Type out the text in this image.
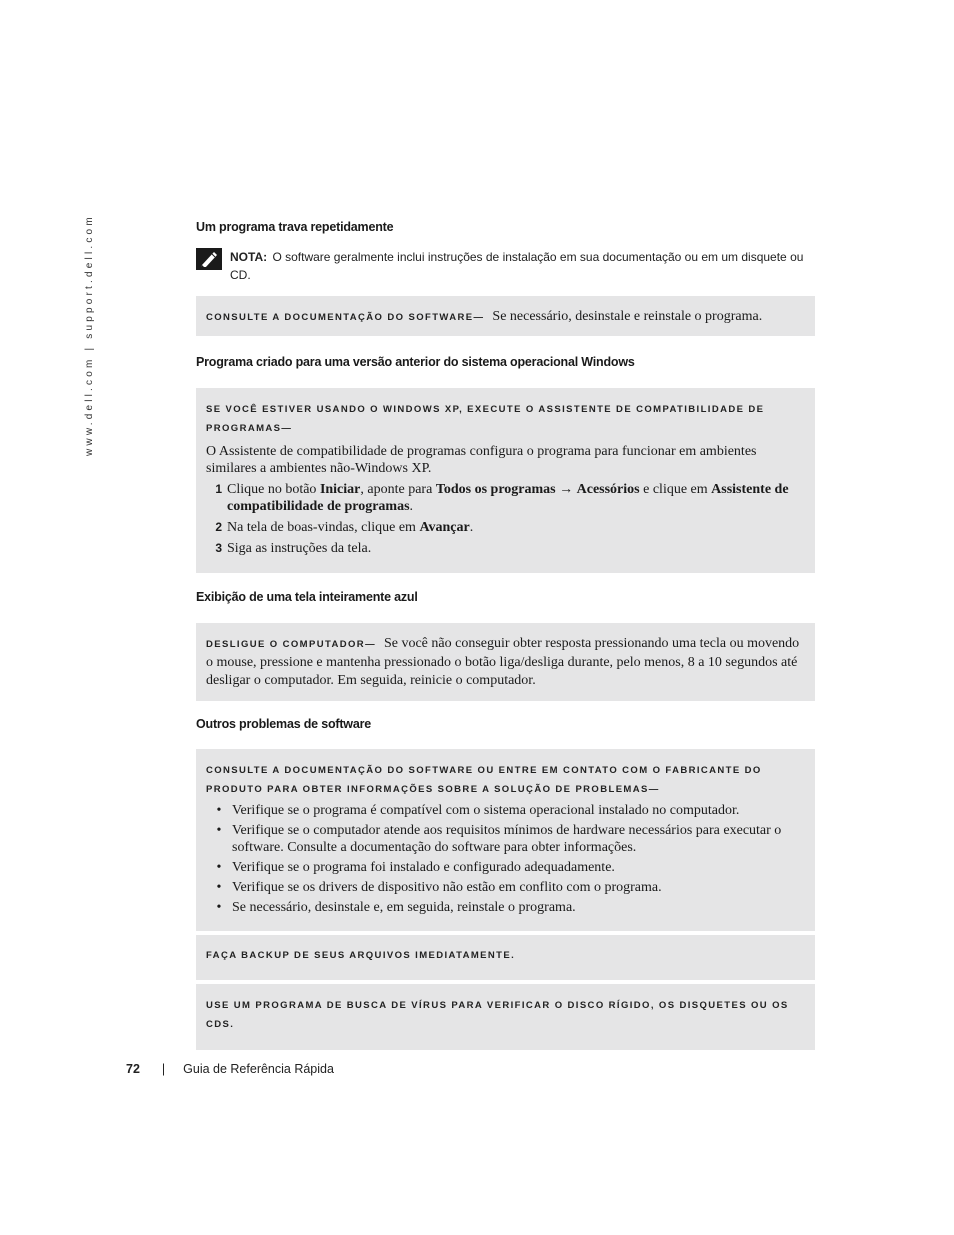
www.dell.com | support.dell.com	Um programa trava repetidamente
NOTA: O software geralmente inclui instruções de instalação em sua documentação ou em um disquete ou CD.
CONSULTE A DOCUMENTAÇÃO DO SOFTWARE— Se necessário, desinstale e reinstale o programa.
Programa criado para uma versão anterior do sistema operacional Windows
SE VOCÊ ESTIVER USANDO O WINDOWS XP, EXECUTE O ASSISTENTE DE COMPATIBILIDADE DE PROGRAMAS—

O Assistente de compatibilidade de programas configura o programa para funcionar em ambientes similares a ambientes não-Windows XP.

1 Clique no botão Iniciar, aponte para Todos os programas → Acessórios e clique em Assistente de compatibilidade de programas.
2 Na tela de boas-vindas, clique em Avançar.
3 Siga as instruções da tela.
Exibição de uma tela inteiramente azul
DESLIGUE O COMPUTADOR— Se você não conseguir obter resposta pressionando uma tecla ou movendo o mouse, pressione e mantenha pressionado o botão liga/desliga durante, pelo menos, 8 a 10 segundos até desligar o computador. Em seguida, reinicie o computador.
Outros problemas de software
CONSULTE A DOCUMENTAÇÃO DO SOFTWARE OU ENTRE EM CONTATO COM O FABRICANTE DO PRODUTO PARA OBTER INFORMAÇÕES SOBRE A SOLUÇÃO DE PROBLEMAS—
• Verifique se o programa é compatível com o sistema operacional instalado no computador.
• Verifique se o computador atende aos requisitos mínimos de hardware necessários para executar o software. Consulte a documentação do software para obter informações.
• Verifique se o programa foi instalado e configurado adequadamente.
• Verifique se os drivers de dispositivo não estão em conflito com o programa.
• Se necessário, desinstale e, em seguida, reinstale o programa.
FAÇA BACKUP DE SEUS ARQUIVOS IMEDIATAMENTE.
USE UM PROGRAMA DE BUSCA DE VÍRUS PARA VERIFICAR O DISCO RÍGIDO, OS DISQUETES OU OS CDS.
72 | Guia de Referência Rápida
